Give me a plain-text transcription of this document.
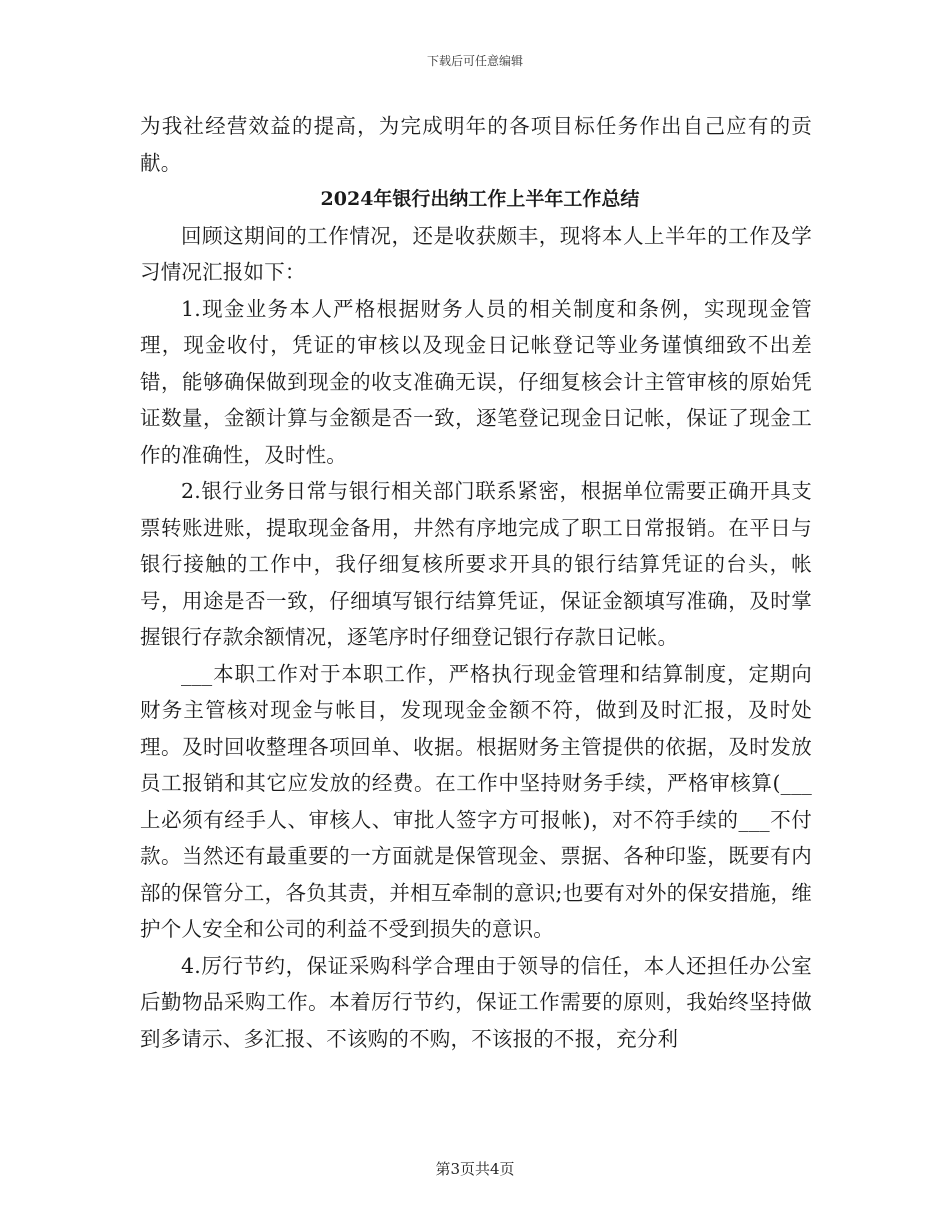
下载后可任意编辑

为我社经营效益的提高，为完成明年的各项目标任务作出自己应有的贡献。

2024年银行出纳工作上半年工作总结

回顾这期间的工作情况，还是收获颇丰，现将本人上半年的工作及学习情况汇报如下：

1.现金业务本人严格根据财务人员的相关制度和条例，实现现金管理，现金收付，凭证的审核以及现金日记帐登记等业务谨慎细致不出差错，能够确保做到现金的收支准确无误，仔细复核会计主管审核的原始凭证数量，金额计算与金额是否一致，逐笔登记现金日记帐，保证了现金工作的准确性，及时性。

2.银行业务日常与银行相关部门联系紧密，根据单位需要正确开具支票转账进账，提取现金备用，井然有序地完成了职工日常报销。在平日与银行接触的工作中，我仔细复核所要求开具的银行结算凭证的台头，帐号，用途是否一致，仔细填写银行结算凭证，保证金额填写准确，及时掌握银行存款余额情况，逐笔序时仔细登记银行存款日记帐。

___本职工作对于本职工作，严格执行现金管理和结算制度，定期向财务主管核对现金与帐目，发现现金金额不符，做到及时汇报，及时处理。及时回收整理各项回单、收据。根据财务主管提供的依据，及时发放员工报销和其它应发放的经费。在工作中坚持财务手续，严格审核算(___上必须有经手人、审核人、审批人签字方可报帐)，对不符手续的___不付款。当然还有最重要的一方面就是保管现金、票据、各种印鉴，既要有内部的保管分工，各负其责，并相互牵制的意识;也要有对外的保安措施，维护个人安全和公司的利益不受到损失的意识。

4.厉行节约，保证采购科学合理由于领导的信任，本人还担任办公室后勤物品采购工作。本着厉行节约，保证工作需要的原则，我始终坚持做到多请示、多汇报、不该购的不购，不该报的不报，充分利

第3页共4页
